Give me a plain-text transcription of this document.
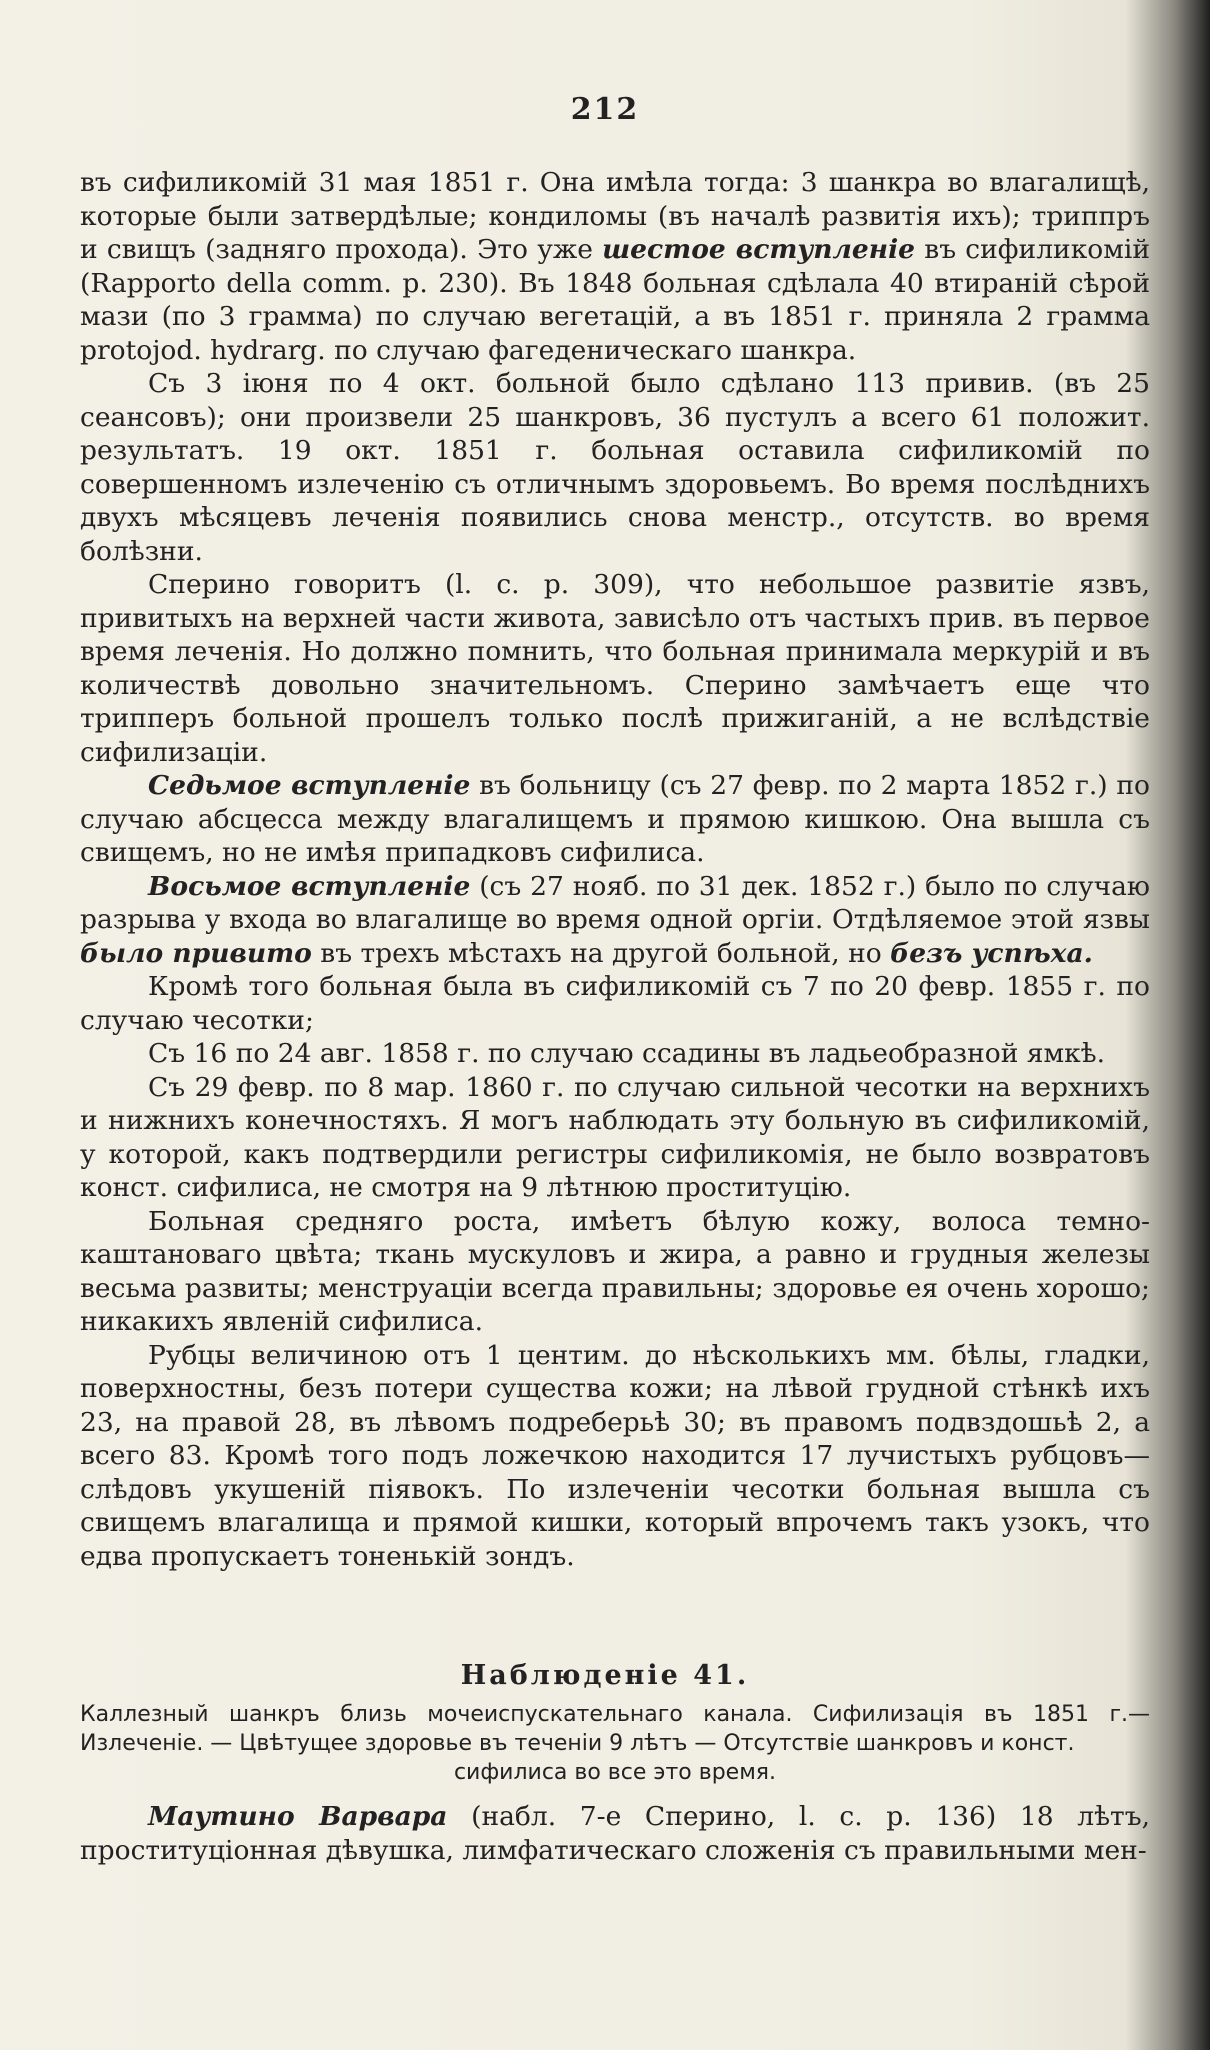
212

въ сифиликомій 31 мая 1851 г. Она имѣла тогда: 3 шанкра во влагалищѣ, которые были затвердѣлые; кондиломы (въ началѣ развитія ихъ); триппръ и свищъ (задняго прохода). Это уже шестое вступленіе въ сифиликомій (Rapporto della comm. p. 230). Въ 1848 больная сдѣлала 40 втираній сѣрой мази (по 3 грамма) по случаю вегетацій, а въ 1851 г. приняла 2 грамма protojod. hydrarg. по случаю фагеденическаго шанкра.

Съ 3 іюня по 4 окт. больной было сдѣлано 113 привив. (въ 25 сеансовъ); они произвели 25 шанкровъ, 36 пустулъ а всего 61 положит. результатъ. 19 окт. 1851 г. больная оставила сифиликомій по совершенномъ излеченію съ отличнымъ здоровьемъ. Во время послѣднихъ двухъ мѣсяцевъ леченія появились снова менстр., отсутств. во время болѣзни.

Сперино говоритъ (l. c. p. 309), что небольшое развитіе язвъ, привитыхъ на верхней части живота, зависѣло отъ частыхъ прив. въ первое время леченія. Но должно помнить, что больная принимала меркурій и въ количествѣ довольно значительномъ. Сперино замѣчаетъ еще что трипперъ больной прошелъ только послѣ прижиганій, а не вслѣдствіе сифилизаціи.

Седьмое вступленіе въ больницу (съ 27 февр. по 2 марта 1852 г.) по случаю абсцесса между влагалищемъ и прямою кишкою. Она вышла съ свищемъ, но не имѣя припадковъ сифилиса.

Восьмое вступленіе (съ 27 нояб. по 31 дек. 1852 г.) было по случаю разрыва у входа во влагалище во время одной оргіи. Отдѣляемое этой язвы было привито въ трехъ мѣстахъ на другой больной, но безъ успѣха.

Кромѣ того больная была въ сифиликомій съ 7 по 20 февр. 1855 г. по случаю чесотки;

Съ 16 по 24 авг. 1858 г. по случаю ссадины въ ладьеобразной ямкѣ.

Съ 29 февр. по 8 мар. 1860 г. по случаю сильной чесотки на верхнихъ и нижнихъ конечностяхъ. Я могъ наблюдать эту больную въ сифиликомій, у которой, какъ подтвердили регистры сифиликомія, не было возвратовъ конст. сифилиса, не смотря на 9 лѣтнюю проституцію.

Больная средняго роста, имѣетъ бѣлую кожу, волоса темно-каштановаго цвѣта; ткань мускуловъ и жира, а равно и грудныя железы весьма развиты; менструаціи всегда правильны; здоровье ея очень хорошо; никакихъ явленій сифилиса.

Рубцы величиною отъ 1 центим. до нѣсколькихъ мм. бѣлы, гладки, поверхностны, безъ потери существа кожи; на лѣвой грудной стѣнкѣ ихъ 23, на правой 28, въ лѣвомъ подреберьѣ 30; въ правомъ подвздошьѣ 2, а всего 83. Кромѣ того подъ ложечкою находится 17 лучистыхъ рубцовъ—слѣдовъ укушеній піявокъ. По излеченіи чесотки больная вышла съ свищемъ влагалища и прямой кишки, который впрочемъ такъ узокъ, что едва пропускаетъ тоненькій зондъ.

Наблюденіе 41.
Каллезный шанкръ близь мочеиспускательнаго канала. Сифилизація въ 1851 г.—Излеченіе. — Цвѣтущее здоровье въ теченіи 9 лѣтъ — Отсутствіе шанкровъ и конст.
сифилиса во все это время.
Маутино Варвара (набл. 7-е Сперино, l. c. p. 136) 18 лѣтъ, проституціонная дѣвушка, лимфатическаго сложенія съ правильными мен-
